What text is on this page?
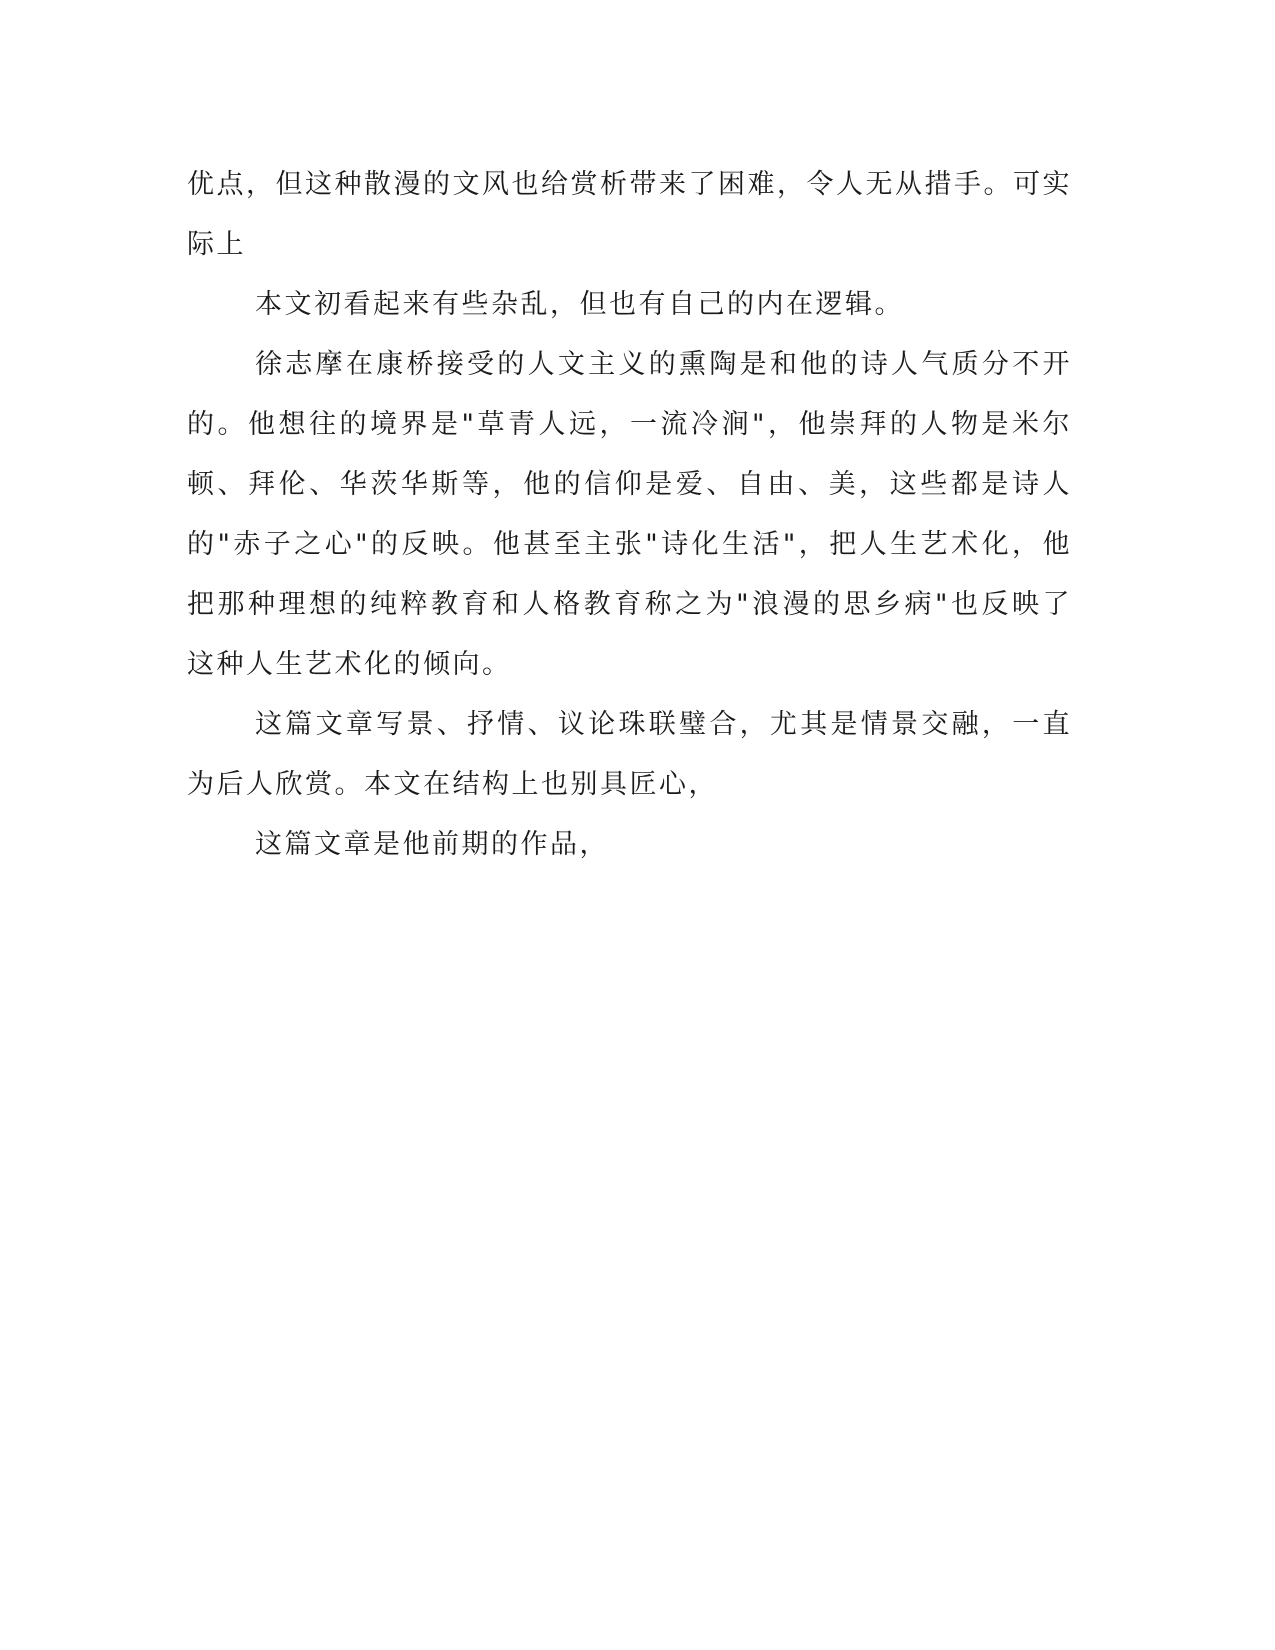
优点，但这种散漫的文风也给赏析带来了困难，令人无从措手。可实际上

本文初看起来有些杂乱，但也有自己的内在逻辑。

徐志摩在康桥接受的人文主义的熏陶是和他的诗人气质分不开的。他想往的境界是"草青人远，一流冷涧"，他崇拜的人物是米尔顿、拜伦、华茨华斯等，他的信仰是爱、自由、美，这些都是诗人的"赤子之心"的反映。他甚至主张"诗化生活"，把人生艺术化，他把那种理想的纯粹教育和人格教育称之为"浪漫的思乡病"也反映了这种人生艺术化的倾向。

这篇文章写景、抒情、议论珠联璧合，尤其是情景交融，一直为后人欣赏。本文在结构上也别具匠心，

这篇文章是他前期的作品，
